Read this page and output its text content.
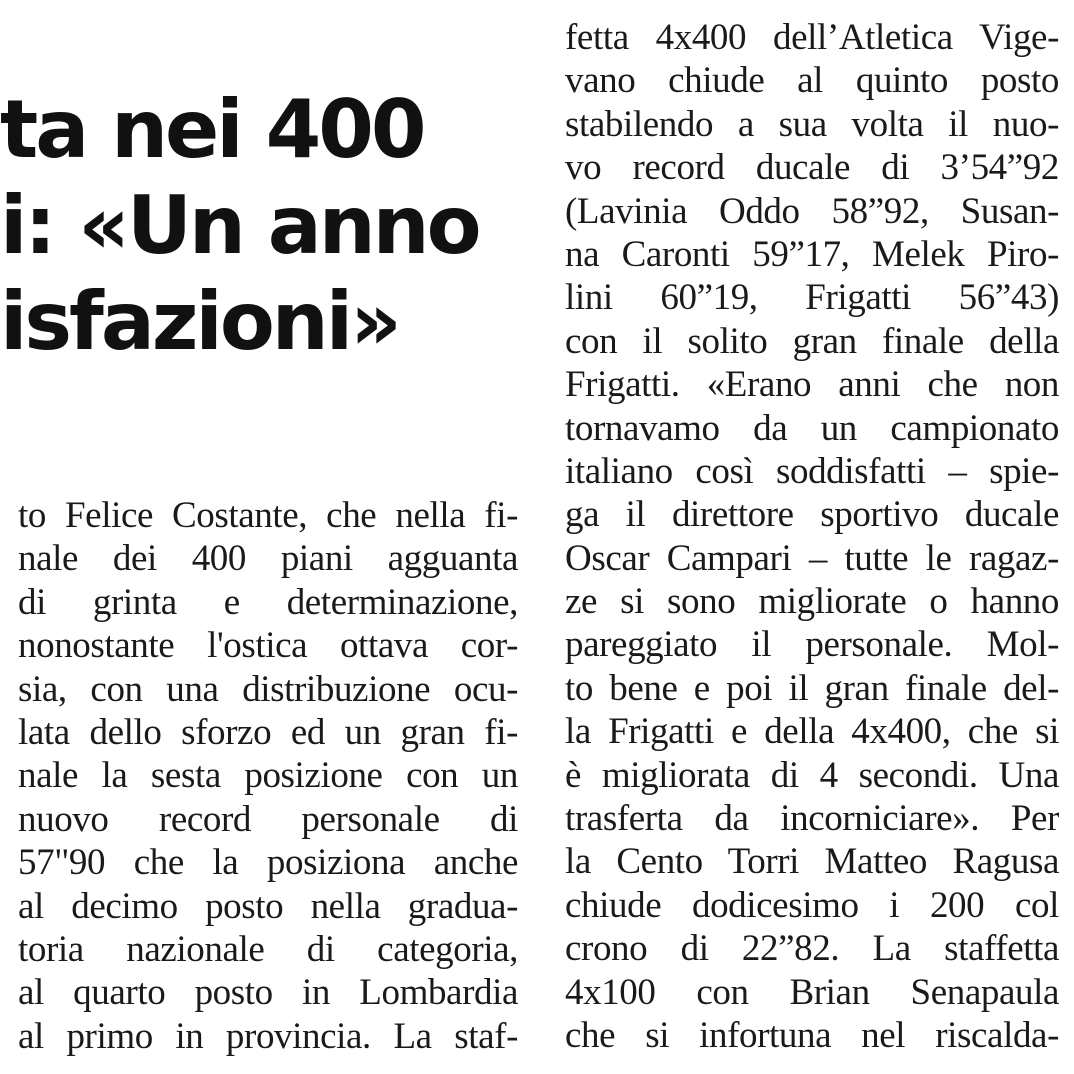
ta nei 400
i: «Un anno
isfazioni»
to Felice Costante, che nella fi-
nale dei 400 piani agguanta
di grinta e determinazione,
nonostante l'ostica ottava cor-
sia, con una distribuzione ocu-
lata dello sforzo ed un gran fi-
nale la sesta posizione con un
nuovo record personale di
57"90 che la posiziona anche
al decimo posto nella gradua-
toria nazionale di categoria,
al quarto posto in Lombardia
al primo in provincia. La staf-
fetta 4x400 dell’Atletica Vige-
vano chiude al quinto posto
stabilendo a sua volta il nuo-
vo record ducale di 3’54”92
(Lavinia Oddo 58”92, Susan-
na Caronti 59”17, Melek Piro-
lini 60”19, Frigatti 56”43)
con il solito gran finale della
Frigatti. «Erano anni che non
tornavamo da un campionato
italiano così soddisfatti – spie-
ga il direttore sportivo ducale
Oscar Campari – tutte le ragaz-
ze si sono migliorate o hanno
pareggiato il personale. Mol-
to bene e poi il gran finale del-
la Frigatti e della 4x400, che si
è migliorata di 4 secondi. Una
trasferta da incorniciare». Per
la Cento Torri Matteo Ragusa
chiude dodicesimo i 200 col
crono di 22”82. La staffetta
4x100 con Brian Senapaula
che si infortuna nel riscalda-
